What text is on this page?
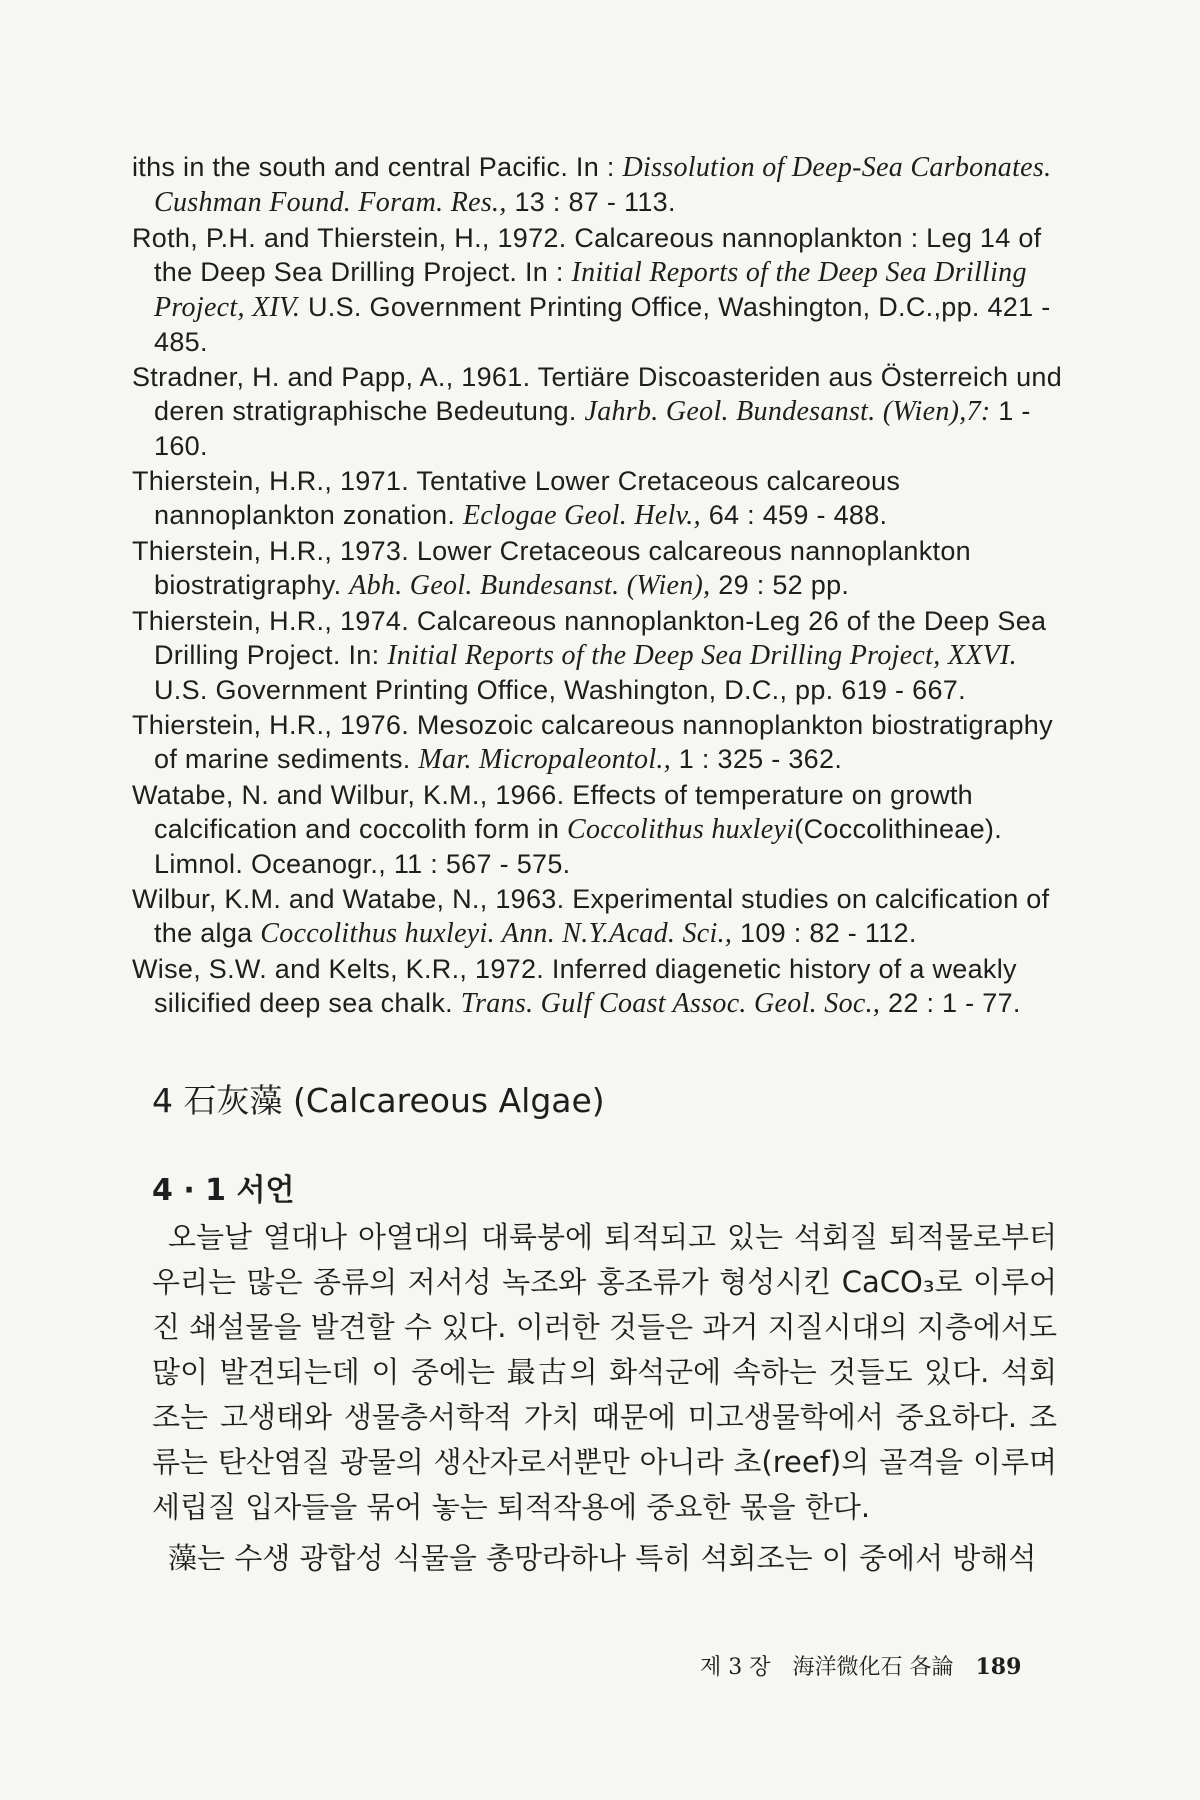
iths in the south and central Pacific. In : Dissolution of Deep-Sea Carbonates. Cushman Found. Foram. Res., 13 : 87 - 113.

Roth, P.H. and Thierstein, H., 1972. Calcareous nannoplankton : Leg 14 of the Deep Sea Drilling Project. In : Initial Reports of the Deep Sea Drilling Project, XIV. U.S. Government Printing Office, Washington, D.C.,pp. 421 - 485.

Stradner, H. and Papp, A., 1961. Tertiäre Discoasteriden aus Österreich und deren stratigraphische Bedeutung. Jahrb. Geol. Bundesanst. (Wien),7: 1 - 160.

Thierstein, H.R., 1971. Tentative Lower Cretaceous calcareous nannoplankton zonation. Eclogae Geol. Helv., 64 : 459 - 488.

Thierstein, H.R., 1973. Lower Cretaceous calcareous nannoplankton biostratigraphy. Abh. Geol. Bundesanst. (Wien), 29 : 52 pp.

Thierstein, H.R., 1974. Calcareous nannoplankton-Leg 26 of the Deep Sea Drilling Project. In: Initial Reports of the Deep Sea Drilling Project, XXVI. U.S. Government Printing Office, Washington, D.C., pp. 619 - 667.

Thierstein, H.R., 1976. Mesozoic calcareous nannoplankton biostratigraphy of marine sediments. Mar. Micropaleontol., 1 : 325 - 362.

Watabe, N. and Wilbur, K.M., 1966. Effects of temperature on growth calcification and coccolith form in Coccolithus huxleyi(Coccolithineae). Limnol. Oceanogr., 11 : 567 - 575.

Wilbur, K.M. and Watabe, N., 1963. Experimental studies on calcification of the alga Coccolithus huxleyi. Ann. N.Y.Acad. Sci., 109 : 82 - 112.

Wise, S.W. and Kelts, K.R., 1972. Inferred diagenetic history of a weakly silicified deep sea chalk. Trans. Gulf Coast Assoc. Geol. Soc., 22 : 1 - 77.

4 石灰藻 (Calcareous Algae)
4 · 1 서언

오늘날 열대나 아열대의 대륙붕에 퇴적되고 있는 석회질 퇴적물로부터 우리는 많은 종류의 저서성 녹조와 홍조류가 형성시킨 CaCO₃로 이루어진 쇄설물을 발견할 수 있다. 이러한 것들은 과거 지질시대의 지층에서도 많이 발견되는데 이 중에는 最古의 화석군에 속하는 것들도 있다. 석회조는 고생태와 생물층서학적 가치 때문에 미고생물학에서 중요하다. 조류는 탄산염질 광물의 생산자로서뿐만 아니라 초(reef)의 골격을 이루며 세립질 입자들을 묶어 놓는 퇴적작용에 중요한 몫을 한다.

藻는 수생 광합성 식물을 총망라하나 특히 석회조는 이 중에서 방해석

제 3 장 海洋微化石 各論 189
